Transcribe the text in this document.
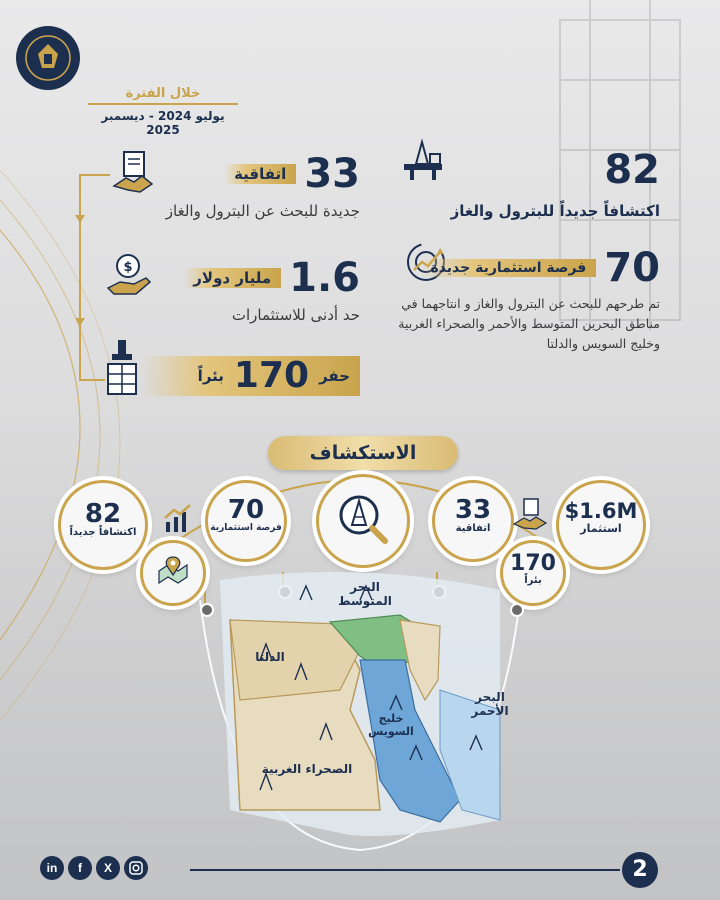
خلال الفترة
يوليو 2024 - ديسمبر 2025
82
اكتشافاً جديداً للبترول والغاز
اتفاقية 33
جديدة للبحث عن البترول والغاز
فرصة استثمارية جديدة 70
تم طرحهم للبحث عن البترول والغاز و انتاجهما في مناطق البحرين المتوسط والأحمر والصحراء الغربية وخليج السويس والدلتا
$
مليار دولار 1.6
حد أدنى للاستثمارات
بئراً 170 حفر
الاستكشاف
82
اكتشافاً جديداً
70
فرصة استثمارية
33
اتفاقية
$1.6M
استثمار
170
بئراً
البحر المتوسط
الدلتا
البحر الأحمر
خليج السويس
الصحراء الغربية
2
in	f	X
